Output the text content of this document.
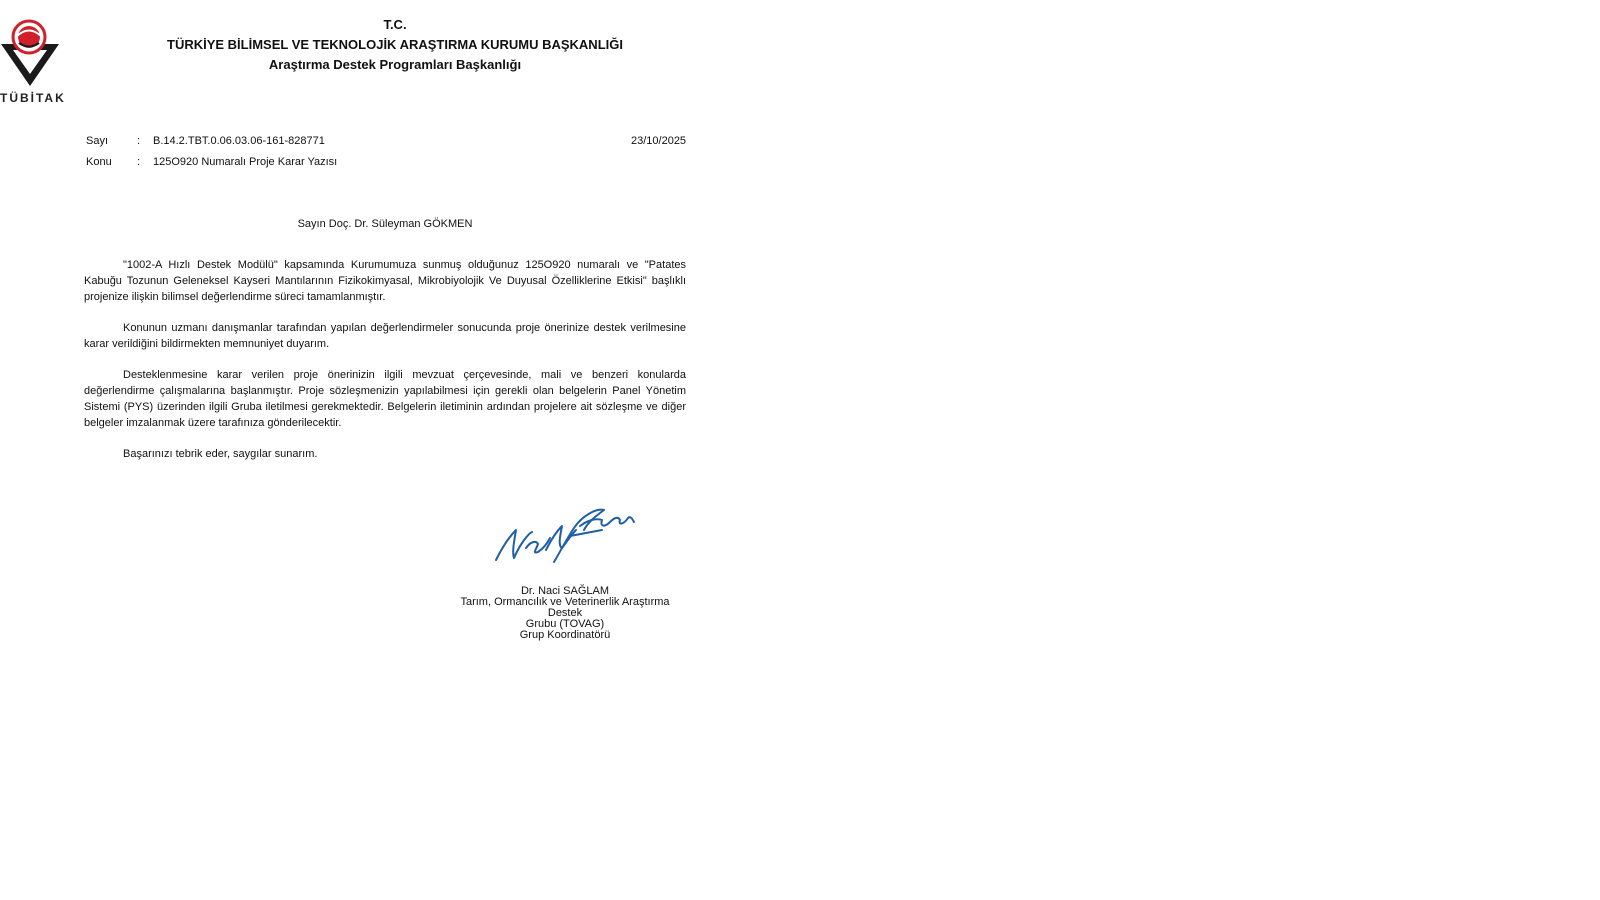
TÜBİTAK
T.C.
TÜRKİYE BİLİMSEL VE TEKNOLOJİK ARAŞTIRMA KURUMU BAŞKANLIĞI
Araştırma Destek Programları Başkanlığı
Sayı	: B.14.2.TBT.0.06.03.06-161-828771	23/10/2025
Konu : 125O920 Numaralı Proje Karar Yazısı
Sayın Doç. Dr. Süleyman GÖKMEN

"1002-A Hızlı Destek Modülü" kapsamında Kurumumuza sunmuş olduğunuz 125O920 numaralı ve "Patates Kabuğu Tozunun Geleneksel Kayseri Mantılarının Fizikokimyasal, Mikrobiyolojik Ve Duyusal Özelliklerine Etkisi" başlıklı projenize ilişkin bilimsel değerlendirme süreci tamamlanmıştır.

Konunun uzmanı danışmanlar tarafından yapılan değerlendirmeler sonucunda proje önerinize destek verilmesine karar verildiğini bildirmekten memnuniyet duyarım.

Desteklenmesine karar verilen proje önerinizin ilgili mevzuat çerçevesinde, mali ve benzeri konularda değerlendirme çalışmalarına başlanmıştır. Proje sözleşmenizin yapılabilmesi için gerekli olan belgelerin Panel Yönetim Sistemi (PYS) üzerinden ilgili Gruba iletilmesi gerekmektedir. Belgelerin iletiminin ardından projelere ait sözleşme ve diğer belgeler imzalanmak üzere tarafınıza gönderilecektir.

Başarınızı tebrik eder, saygılar sunarım.

Dr. Naci SAĞLAM
Tarım, Ormancılık ve Veterinerlik Araştırma
Destek
Grubu (TOVAG)
Grup Koordinatörü
